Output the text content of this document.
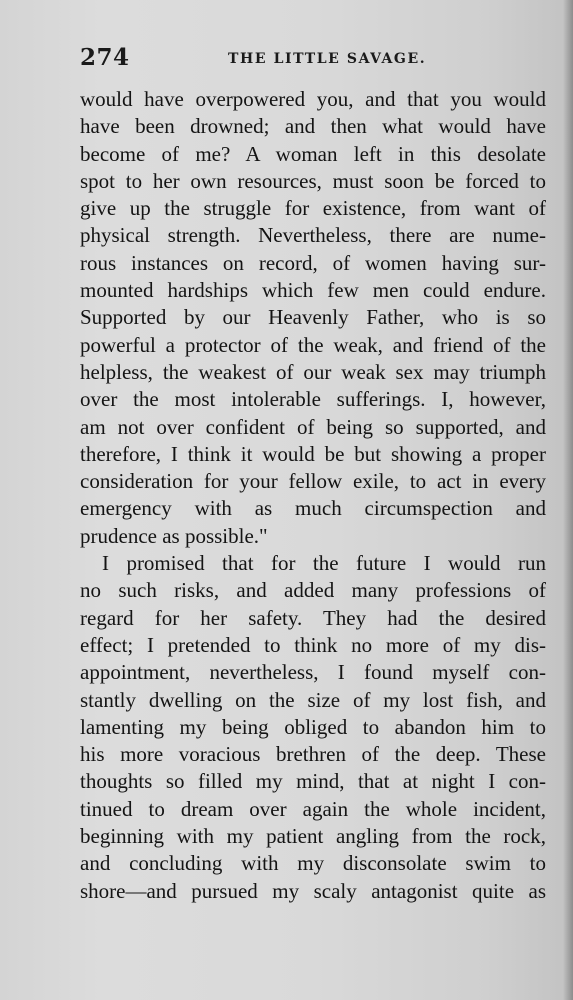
274	THE LITTLE SAVAGE.
would have overpowered you, and that you would
have been drowned; and then what would have
become of me? A woman left in this desolate
spot to her own resources, must soon be forced to
give up the struggle for existence, from want of
physical strength. Nevertheless, there are nume-
rous instances on record, of women having sur-
mounted hardships which few men could endure.
Supported by our Heavenly Father, who is so
powerful a protector of the weak, and friend of the
helpless, the weakest of our weak sex may triumph
over the most intolerable sufferings. I, however,
am not over confident of being so supported, and
therefore, I think it would be but showing a proper
consideration for your fellow exile, to act in every
emergency with as much circumspection and
prudence as possible."
I promised that for the future I would run
no such risks, and added many professions of
regard for her safety. They had the desired
effect; I pretended to think no more of my dis-
appointment, nevertheless, I found myself con-
stantly dwelling on the size of my lost fish, and
lamenting my being obliged to abandon him to
his more voracious brethren of the deep. These
thoughts so filled my mind, that at night I con-
tinued to dream over again the whole incident,
beginning with my patient angling from the rock,
and concluding with my disconsolate swim to
shore—and pursued my scaly antagonist quite as
